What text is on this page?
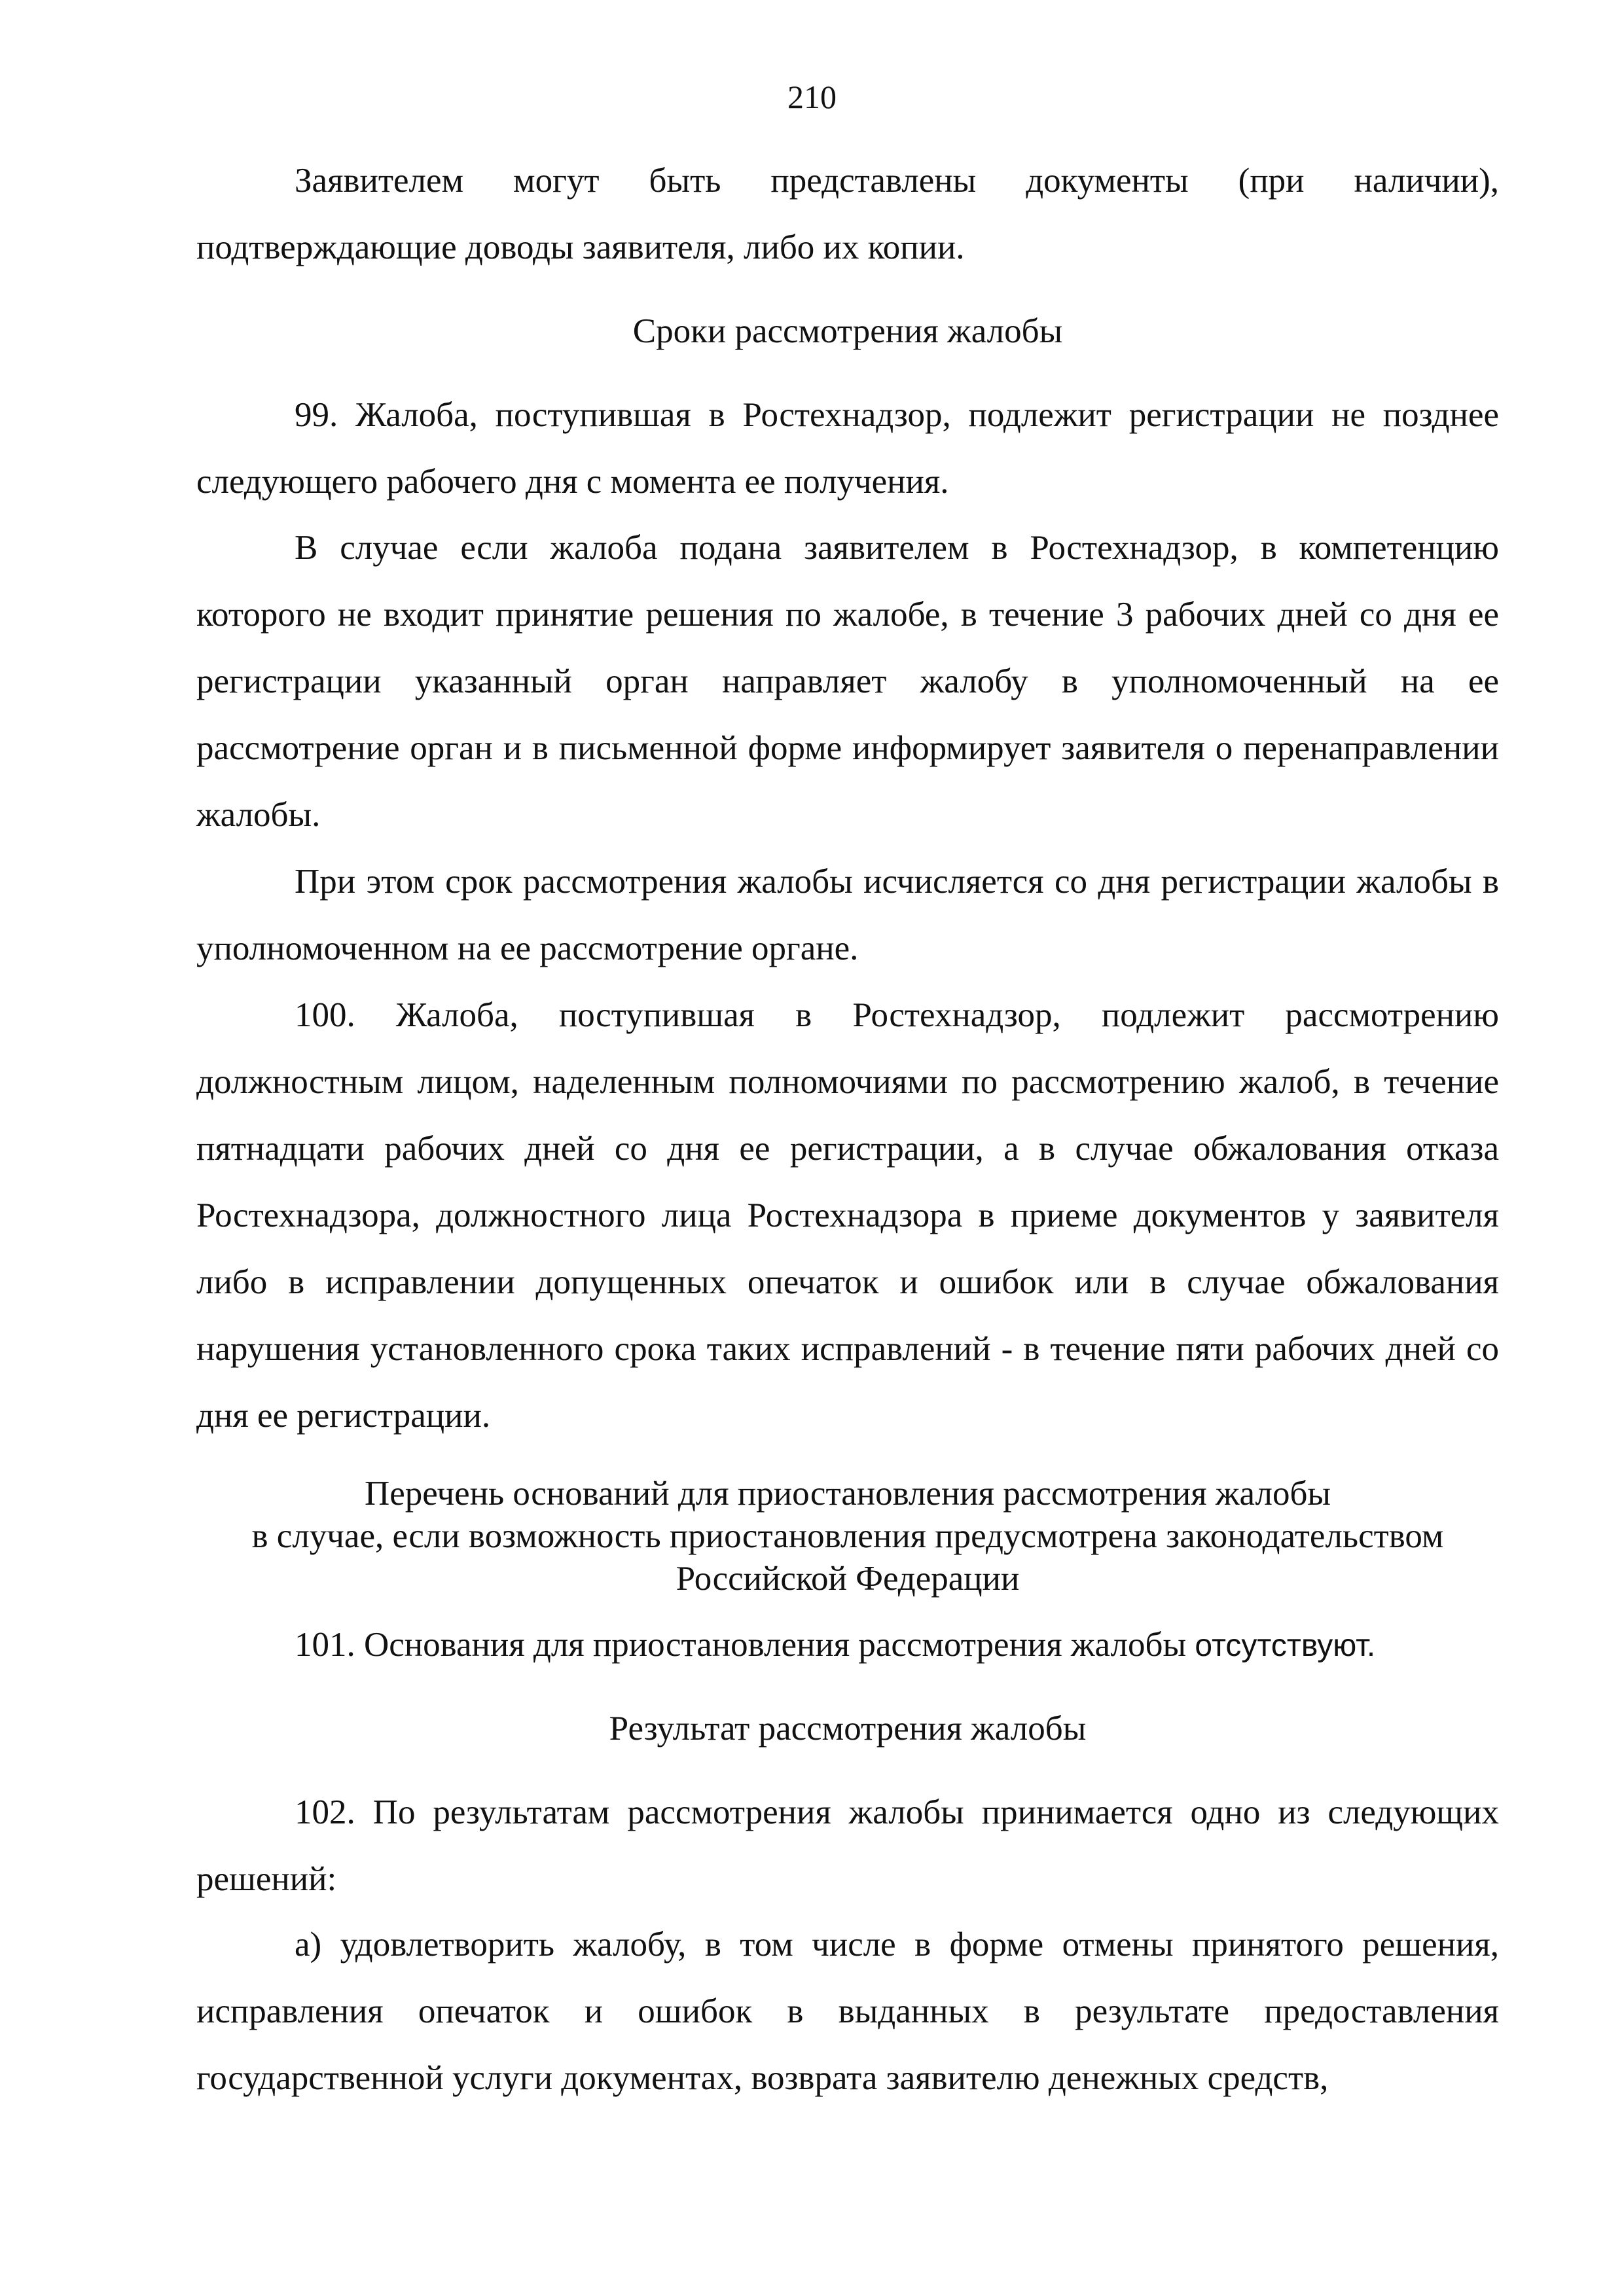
210
Заявителем могут быть представлены документы (при наличии), подтверждающие доводы заявителя, либо их копии.
Сроки рассмотрения жалобы
99. Жалоба, поступившая в Ростехнадзор, подлежит регистрации не позднее следующего рабочего дня с момента ее получения.
В случае если жалоба подана заявителем в Ростехнадзор, в компетенцию которого не входит принятие решения по жалобе, в течение 3 рабочих дней со дня ее регистрации указанный орган направляет жалобу в уполномоченный на ее рассмотрение орган и в письменной форме информирует заявителя о перенаправлении жалобы.
При этом срок рассмотрения жалобы исчисляется со дня регистрации жалобы в уполномоченном на ее рассмотрение органе.
100. Жалоба, поступившая в Ростехнадзор, подлежит рассмотрению должностным лицом, наделенным полномочиями по рассмотрению жалоб, в течение пятнадцати рабочих дней со дня ее регистрации, а в случае обжалования отказа Ростехнадзора, должностного лица Ростехнадзора в приеме документов у заявителя либо в исправлении допущенных опечаток и ошибок или в случае обжалования нарушения установленного срока таких исправлений - в течение пяти рабочих дней со дня ее регистрации.
Перечень оснований для приостановления рассмотрения жалобы
в случае, если возможность приостановления предусмотрена законодательством
Российской Федерации
101. Основания для приостановления рассмотрения жалобы отсутствуют.
Результат рассмотрения жалобы
102. По результатам рассмотрения жалобы принимается одно из следующих решений:
а) удовлетворить жалобу, в том числе в форме отмены принятого решения, исправления опечаток и ошибок в выданных в результате предоставления государственной услуги документах, возврата заявителю денежных средств,
